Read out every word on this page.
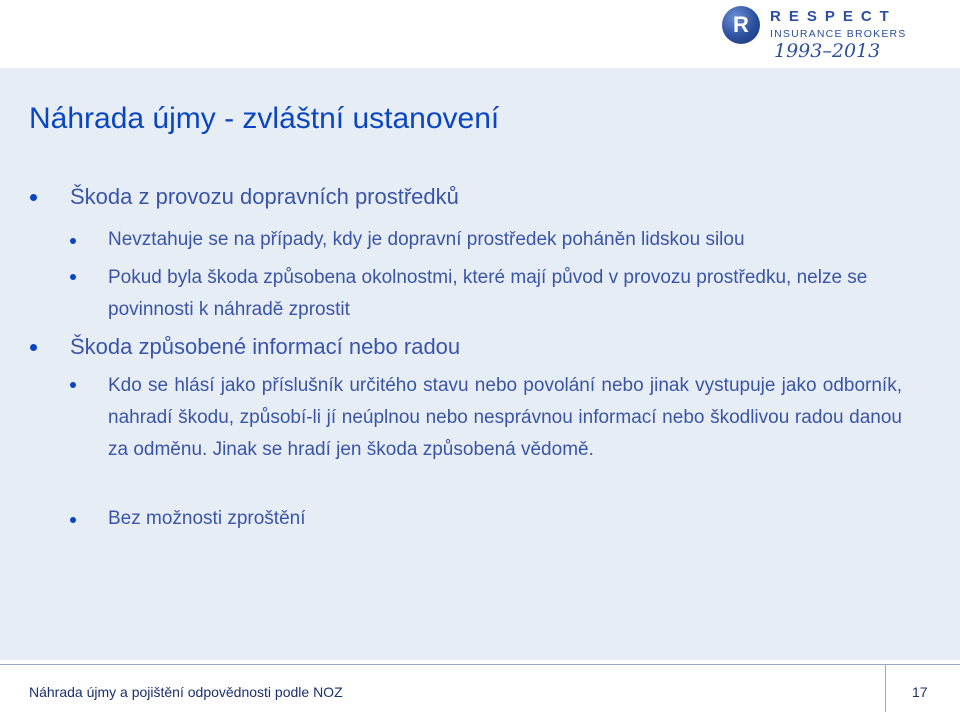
R	RESPECT
INSURANCE BROKERS
1993–2013
Náhrada újmy - zvláštní ustanovení
Škoda z provozu dopravních prostředků
Nevztahuje se na případy, kdy je dopravní prostředek poháněn lidskou silou
Pokud byla škoda způsobena okolnostmi, které mají původ v provozu prostředku, nelze se povinnosti k náhradě zprostit
Škoda způsobené informací nebo radou
Kdo se hlásí jako příslušník určitého stavu nebo povolání nebo jinak vystupuje jako odborník, nahradí škodu, způsobí-li jí neúplnou nebo nesprávnou informací nebo škodlivou radou danou za odměnu. Jinak se hradí jen škoda způsobená vědomě.
Bez možnosti zproštění
Náhrada újmy a pojištění odpovědnosti podle NOZ	17
